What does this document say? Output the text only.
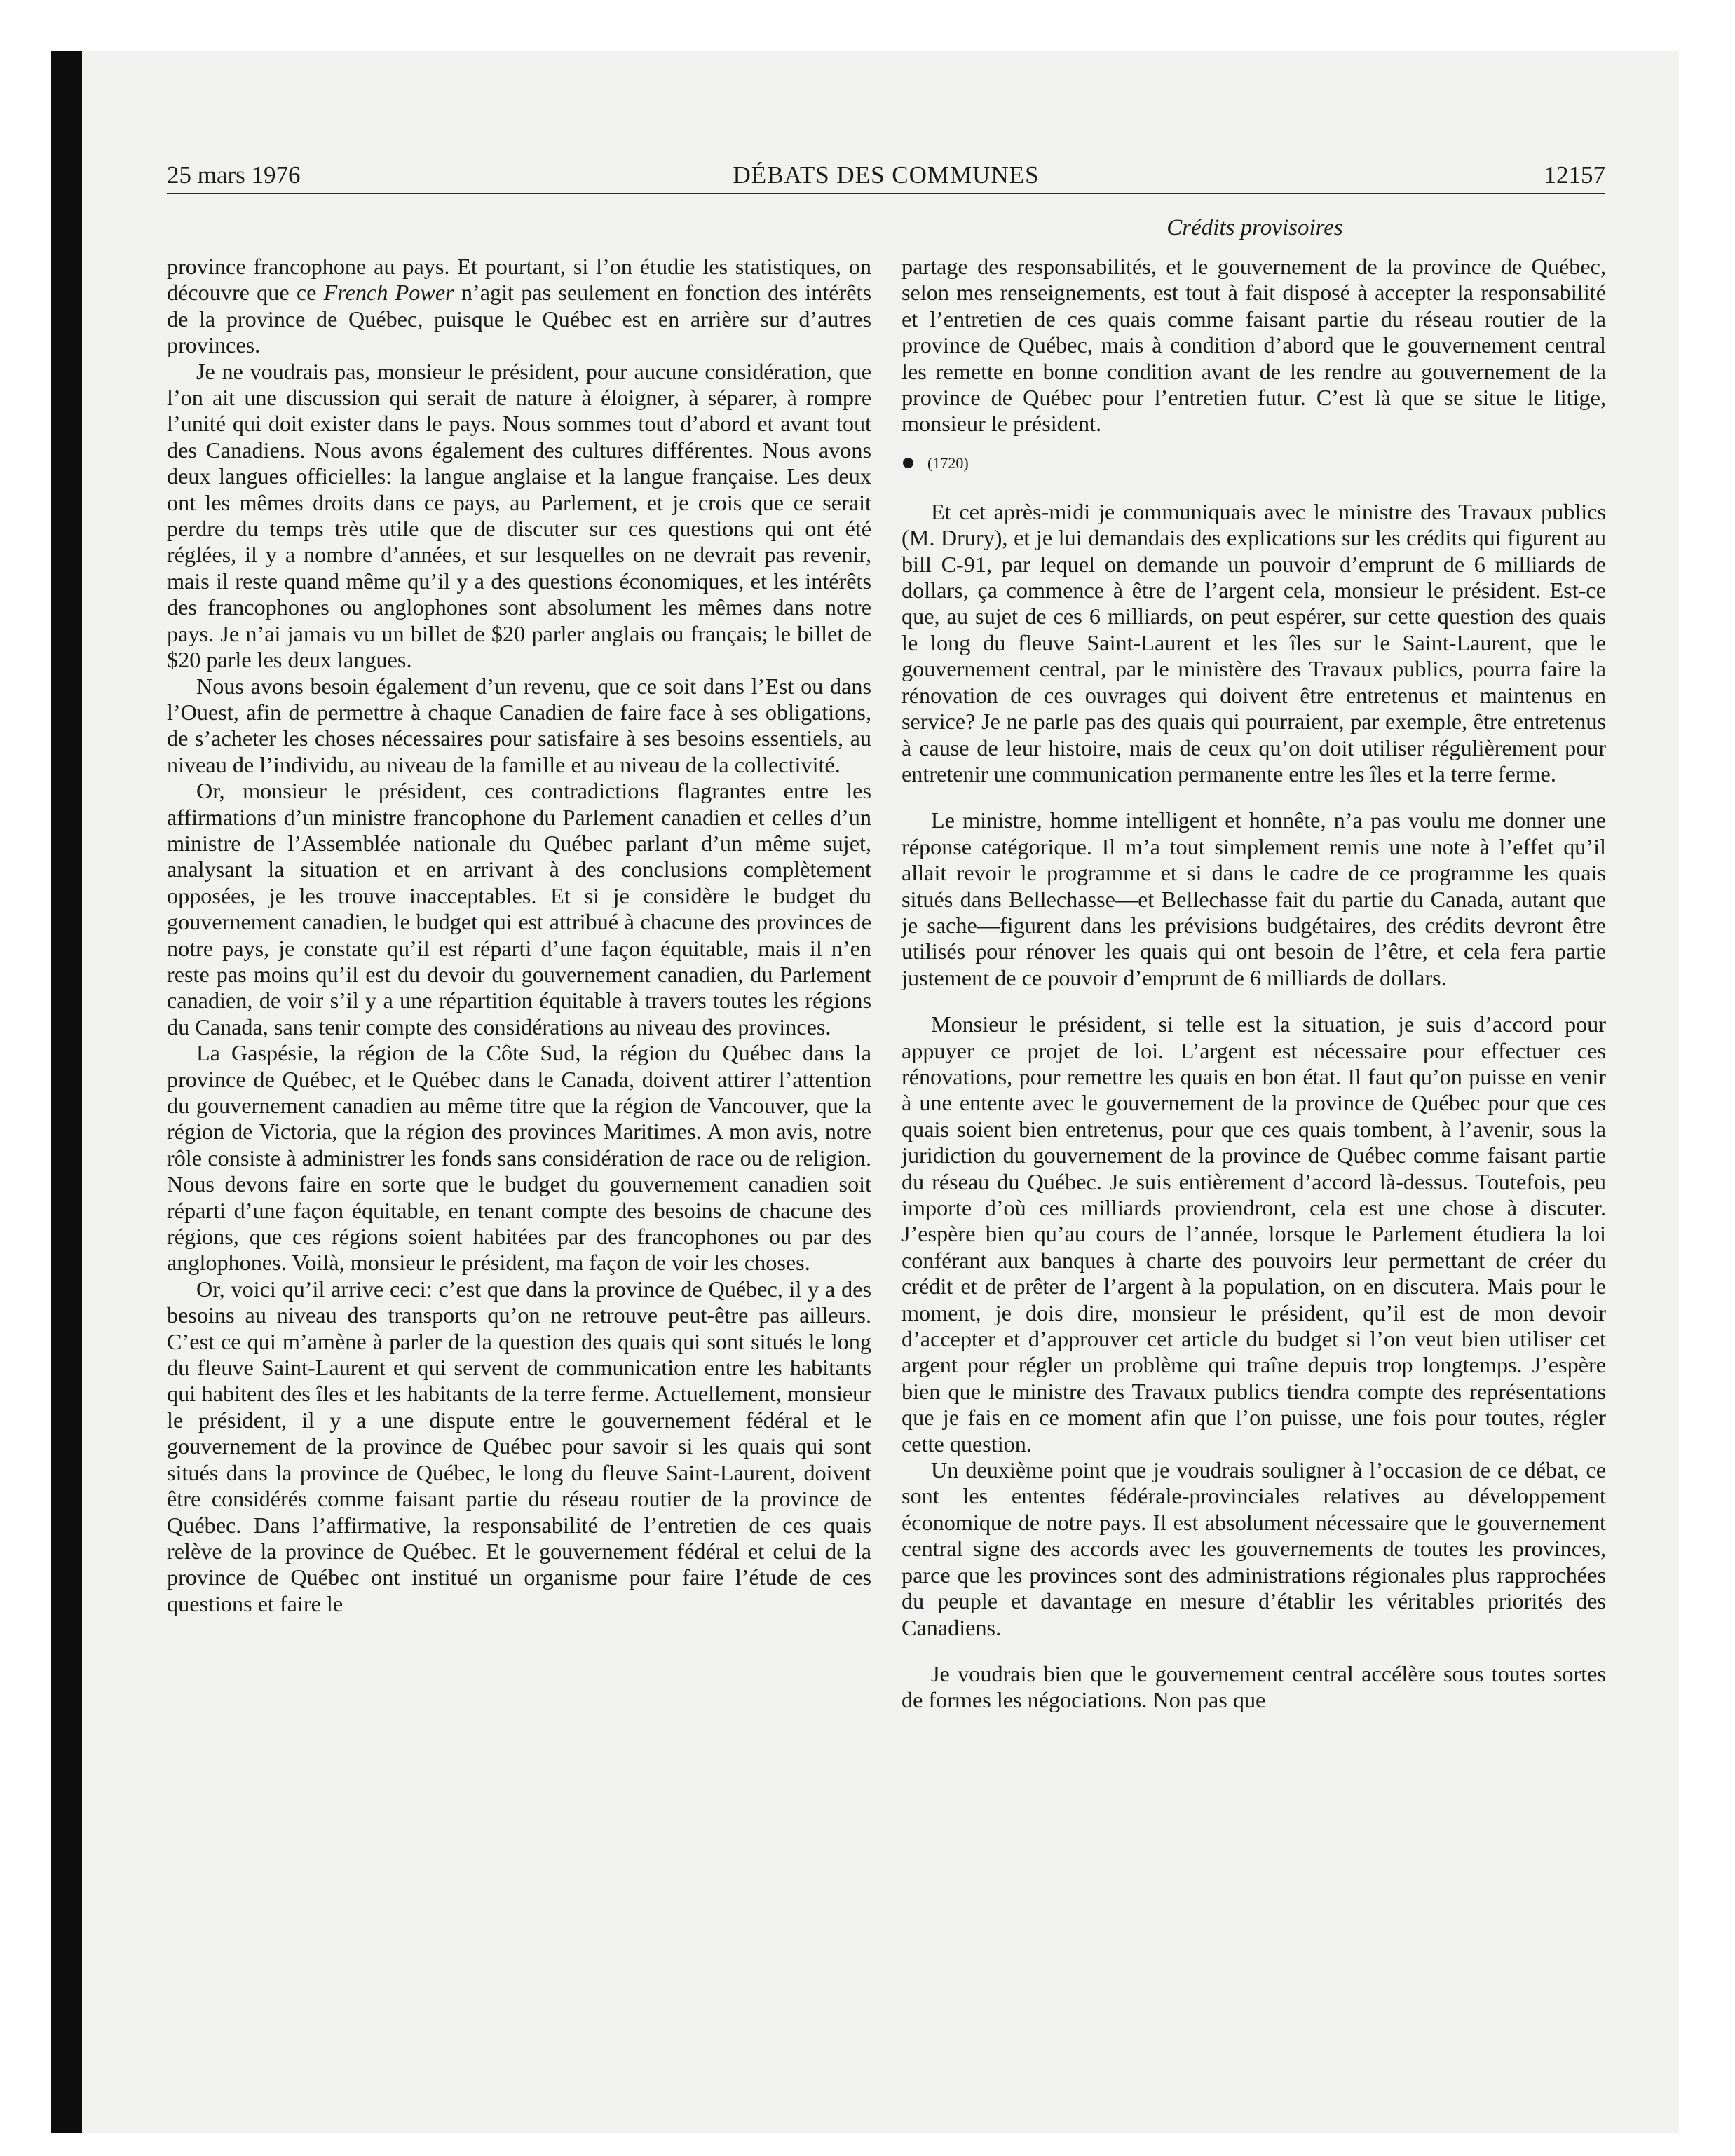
25 mars 1976	DÉBATS DES COMMUNES	12157
Crédits provisoires

province francophone au pays. Et pourtant, si l’on étudie les statistiques, on découvre que ce French Power n’agit pas seulement en fonction des intérêts de la province de Québec, puisque le Québec est en arrière sur d’autres provinces.

Je ne voudrais pas, monsieur le président, pour aucune considération, que l’on ait une discussion qui serait de nature à éloigner, à séparer, à rompre l’unité qui doit exister dans le pays. Nous sommes tout d’abord et avant tout des Canadiens. Nous avons également des cultures différentes. Nous avons deux langues officielles: la langue anglaise et la langue française. Les deux ont les mêmes droits dans ce pays, au Parlement, et je crois que ce serait perdre du temps très utile que de discuter sur ces questions qui ont été réglées, il y a nombre d’années, et sur lesquelles on ne devrait pas revenir, mais il reste quand même qu’il y a des questions économiques, et les intérêts des francophones ou anglophones sont absolument les mêmes dans notre pays. Je n’ai jamais vu un billet de $20 parler anglais ou français; le billet de $20 parle les deux langues.

Nous avons besoin également d’un revenu, que ce soit dans l’Est ou dans l’Ouest, afin de permettre à chaque Canadien de faire face à ses obligations, de s’acheter les choses nécessaires pour satisfaire à ses besoins essentiels, au niveau de l’individu, au niveau de la famille et au niveau de la collectivité.

Or, monsieur le président, ces contradictions flagrantes entre les affirmations d’un ministre francophone du Parlement canadien et celles d’un ministre de l’Assemblée nationale du Québec parlant d’un même sujet, analysant la situation et en arrivant à des conclusions complètement opposées, je les trouve inacceptables. Et si je considère le budget du gouvernement canadien, le budget qui est attribué à chacune des provinces de notre pays, je constate qu’il est réparti d’une façon équitable, mais il n’en reste pas moins qu’il est du devoir du gouvernement canadien, du Parlement canadien, de voir s’il y a une répartition équitable à travers toutes les régions du Canada, sans tenir compte des considérations au niveau des provinces.

La Gaspésie, la région de la Côte Sud, la région du Québec dans la province de Québec, et le Québec dans le Canada, doivent attirer l’attention du gouvernement canadien au même titre que la région de Vancouver, que la région de Victoria, que la région des provinces Maritimes. A mon avis, notre rôle consiste à administrer les fonds sans considération de race ou de religion. Nous devons faire en sorte que le budget du gouvernement canadien soit réparti d’une façon équitable, en tenant compte des besoins de chacune des régions, que ces régions soient habitées par des francophones ou par des anglophones. Voilà, monsieur le président, ma façon de voir les choses.

Or, voici qu’il arrive ceci: c’est que dans la province de Québec, il y a des besoins au niveau des transports qu’on ne retrouve peut-être pas ailleurs. C’est ce qui m’amène à parler de la question des quais qui sont situés le long du fleuve Saint-Laurent et qui servent de communication entre les habitants qui habitent des îles et les habitants de la terre ferme. Actuellement, monsieur le président, il y a une dispute entre le gouvernement fédéral et le gouvernement de la province de Québec pour savoir si les quais qui sont situés dans la province de Québec, le long du fleuve Saint-Laurent, doivent être considérés comme faisant partie du réseau routier de la province de Québec. Dans l’affirmative, la responsabilité de l’entretien de ces quais relève de la province de Québec. Et le gouvernement fédéral et celui de la province de Québec ont institué un organisme pour faire l’étude de ces questions et faire le

partage des responsabilités, et le gouvernement de la province de Québec, selon mes renseignements, est tout à fait disposé à accepter la responsabilité et l’entretien de ces quais comme faisant partie du réseau routier de la province de Québec, mais à condition d’abord que le gouvernement central les remette en bonne condition avant de les rendre au gouvernement de la province de Québec pour l’entretien futur. C’est là que se situe le litige, monsieur le président.

(1720)

Et cet après-midi je communiquais avec le ministre des Travaux publics (M. Drury), et je lui demandais des explications sur les crédits qui figurent au bill C-91, par lequel on demande un pouvoir d’emprunt de 6 milliards de dollars, ça commence à être de l’argent cela, monsieur le président. Est-ce que, au sujet de ces 6 milliards, on peut espérer, sur cette question des quais le long du fleuve Saint-Laurent et les îles sur le Saint-Laurent, que le gouvernement central, par le ministère des Travaux publics, pourra faire la rénovation de ces ouvrages qui doivent être entretenus et maintenus en service? Je ne parle pas des quais qui pourraient, par exemple, être entretenus à cause de leur histoire, mais de ceux qu’on doit utiliser régulièrement pour entretenir une communication permanente entre les îles et la terre ferme.

Le ministre, homme intelligent et honnête, n’a pas voulu me donner une réponse catégorique. Il m’a tout simplement remis une note à l’effet qu’il allait revoir le programme et si dans le cadre de ce programme les quais situés dans Bellechasse—et Bellechasse fait du partie du Canada, autant que je sache—figurent dans les prévisions budgétaires, des crédits devront être utilisés pour rénover les quais qui ont besoin de l’être, et cela fera partie justement de ce pouvoir d’emprunt de 6 milliards de dollars.

Monsieur le président, si telle est la situation, je suis d’accord pour appuyer ce projet de loi. L’argent est nécessaire pour effectuer ces rénovations, pour remettre les quais en bon état. Il faut qu’on puisse en venir à une entente avec le gouvernement de la province de Québec pour que ces quais soient bien entretenus, pour que ces quais tombent, à l’avenir, sous la juridiction du gouvernement de la province de Québec comme faisant partie du réseau du Québec. Je suis entièrement d’accord là-dessus. Toutefois, peu importe d’où ces milliards proviendront, cela est une chose à discuter. J’espère bien qu’au cours de l’année, lorsque le Parlement étudiera la loi conférant aux banques à charte des pouvoirs leur permettant de créer du crédit et de prêter de l’argent à la population, on en discutera. Mais pour le moment, je dois dire, monsieur le président, qu’il est de mon devoir d’accepter et d’approuver cet article du budget si l’on veut bien utiliser cet argent pour régler un problème qui traîne depuis trop longtemps. J’espère bien que le ministre des Travaux publics tiendra compte des représentations que je fais en ce moment afin que l’on puisse, une fois pour toutes, régler cette question.

Un deuxième point que je voudrais souligner à l’occasion de ce débat, ce sont les ententes fédérale-provinciales relatives au développement économique de notre pays. Il est absolument nécessaire que le gouvernement central signe des accords avec les gouvernements de toutes les provinces, parce que les provinces sont des administrations régionales plus rapprochées du peuple et davantage en mesure d’établir les véritables priorités des Canadiens.

Je voudrais bien que le gouvernement central accélère sous toutes sortes de formes les négociations. Non pas que
